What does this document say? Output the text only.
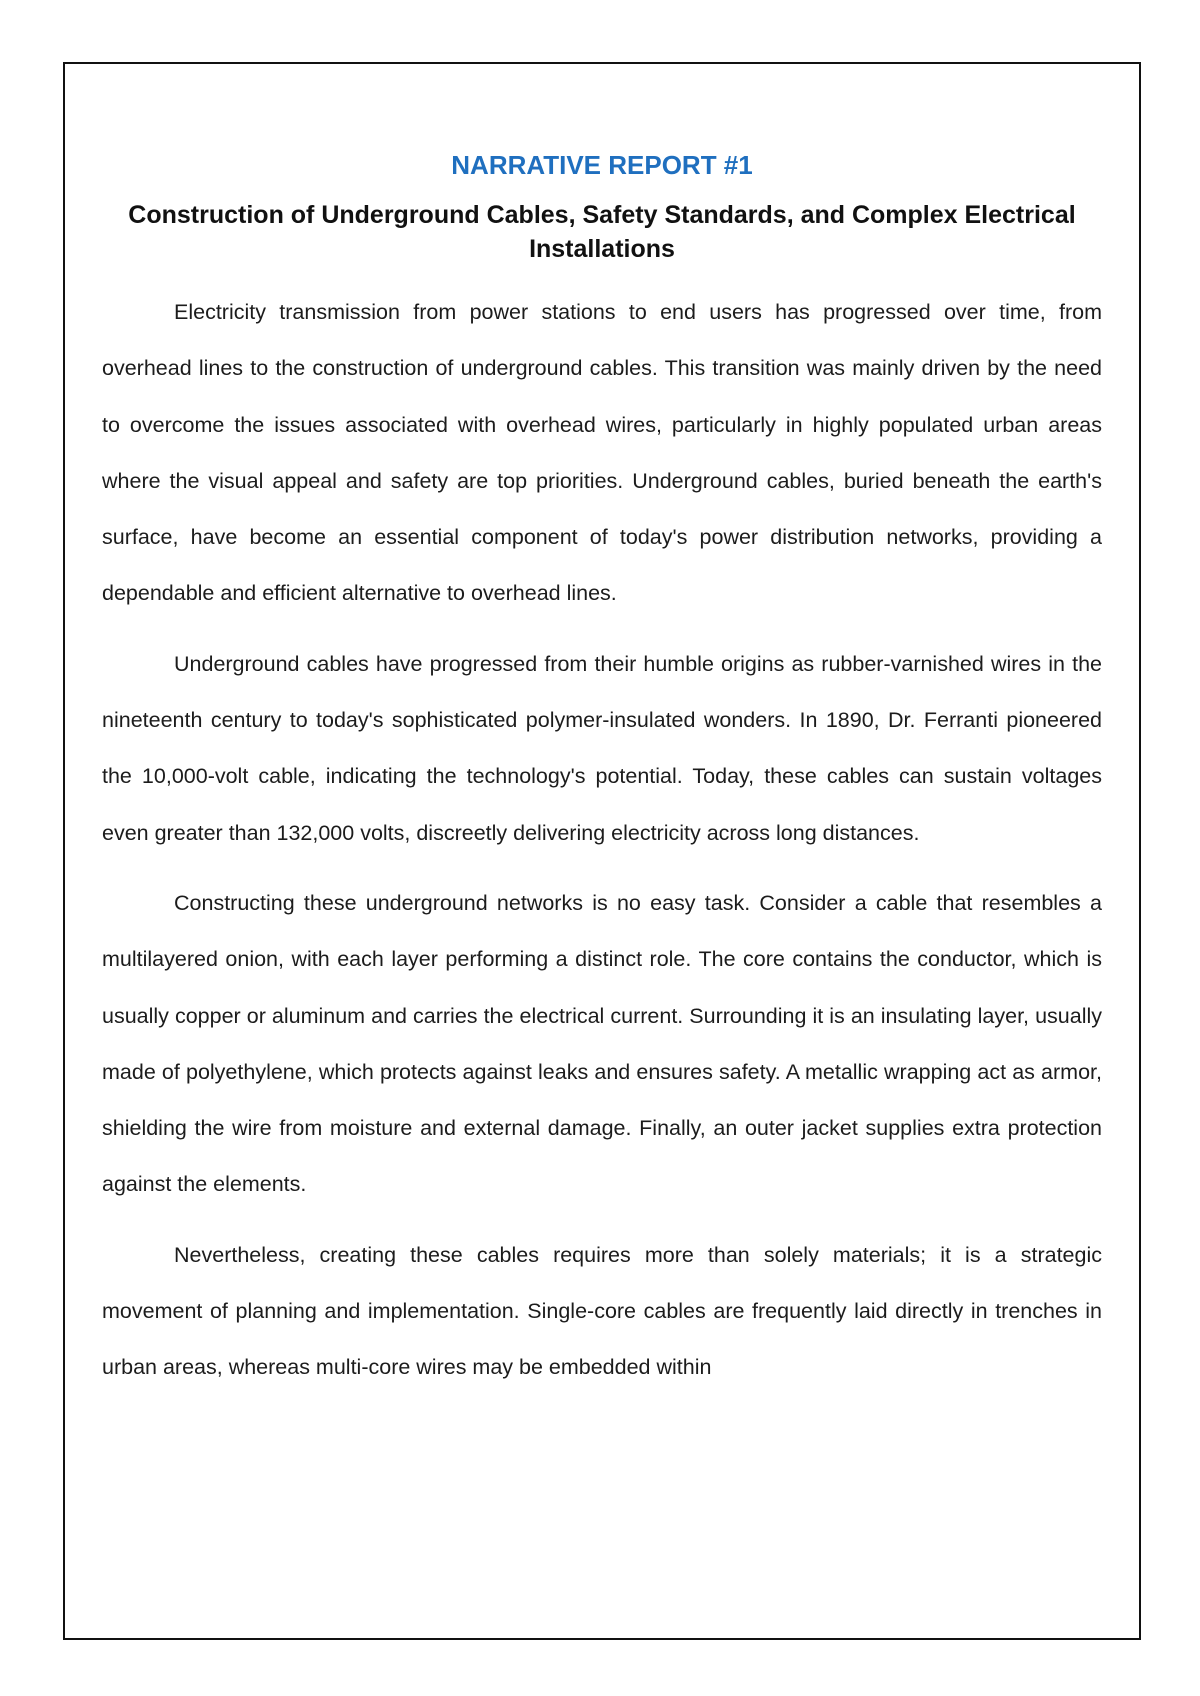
NARRATIVE REPORT #1
Construction of Underground Cables, Safety Standards, and Complex Electrical Installations

Electricity transmission from power stations to end users has progressed over time, from overhead lines to the construction of underground cables. This transition was mainly driven by the need to overcome the issues associated with overhead wires, particularly in highly populated urban areas where the visual appeal and safety are top priorities. Underground cables, buried beneath the earth's surface, have become an essential component of today's power distribution networks, providing a dependable and efficient alternative to overhead lines.

Underground cables have progressed from their humble origins as rubber-varnished wires in the nineteenth century to today's sophisticated polymer-insulated wonders. In 1890, Dr. Ferranti pioneered the 10,000-volt cable, indicating the technology's potential. Today, these cables can sustain voltages even greater than 132,000 volts, discreetly delivering electricity across long distances.

Constructing these underground networks is no easy task. Consider a cable that resembles a multilayered onion, with each layer performing a distinct role. The core contains the conductor, which is usually copper or aluminum and carries the electrical current. Surrounding it is an insulating layer, usually made of polyethylene, which protects against leaks and ensures safety. A metallic wrapping act as armor, shielding the wire from moisture and external damage. Finally, an outer jacket supplies extra protection against the elements.

Nevertheless, creating these cables requires more than solely materials; it is a strategic movement of planning and implementation. Single-core cables are frequently laid directly in trenches in urban areas, whereas multi-core wires may be embedded within
